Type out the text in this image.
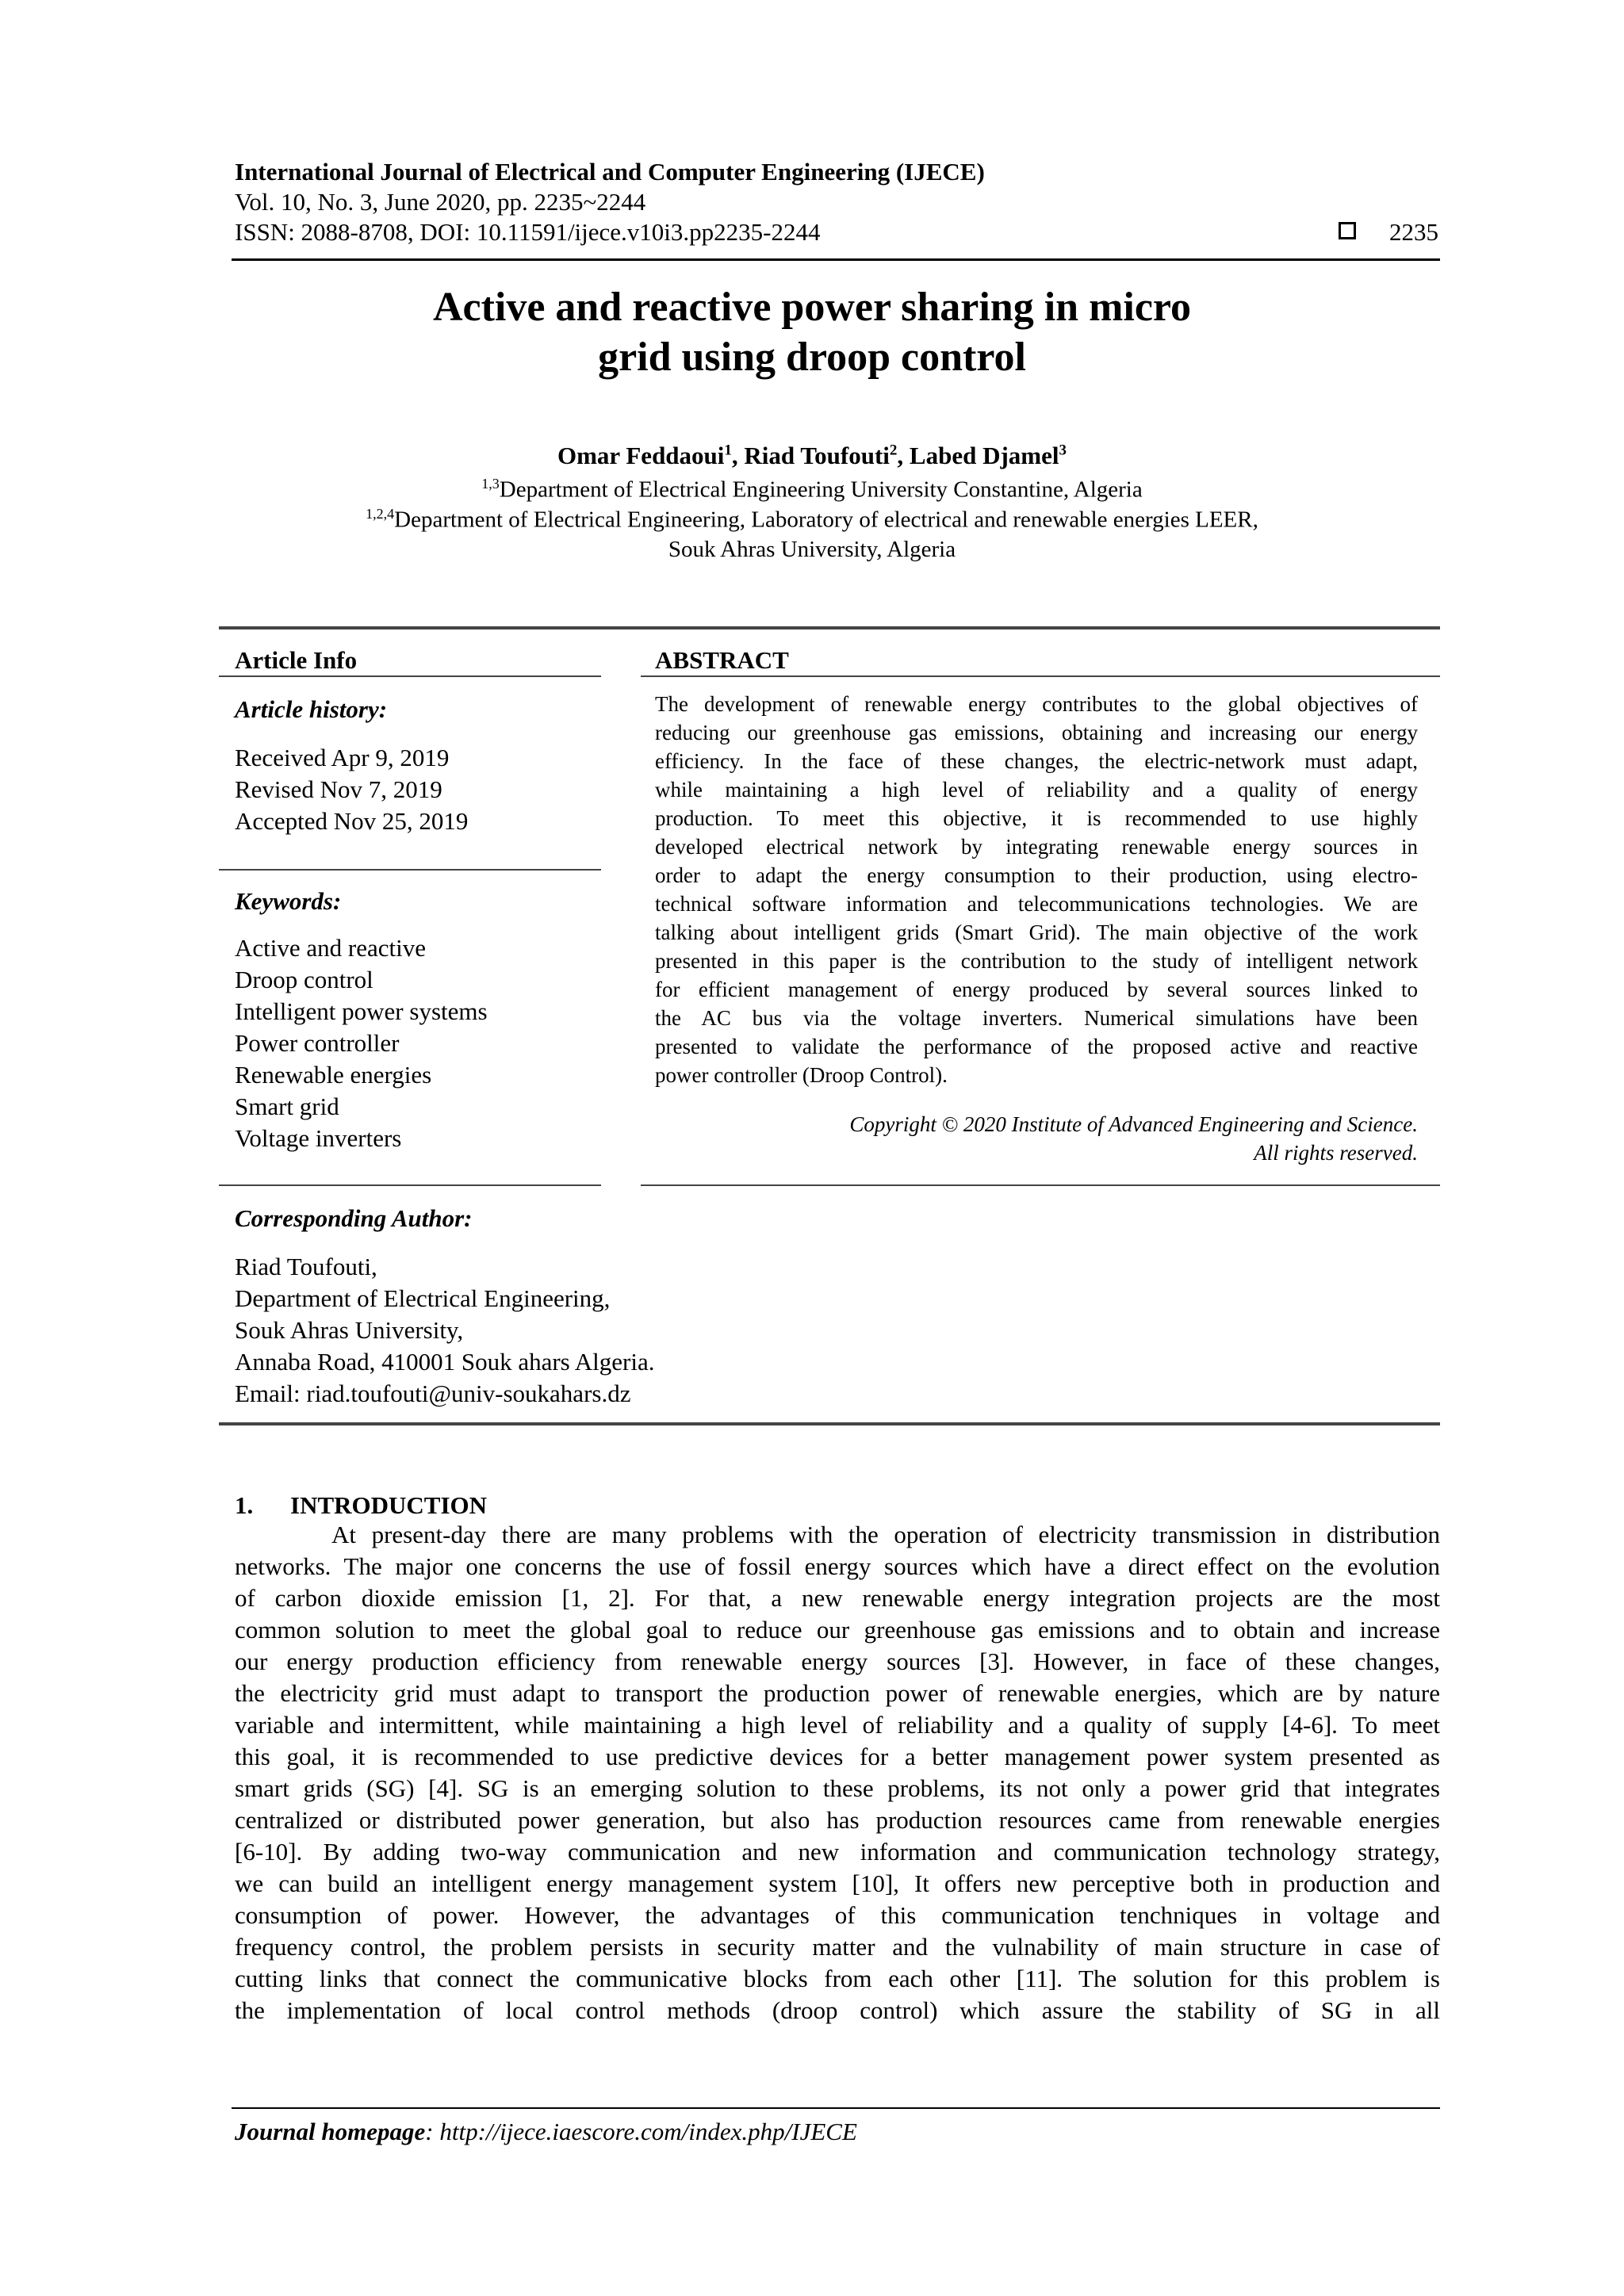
International Journal of Electrical and Computer Engineering (IJECE)
Vol. 10, No. 3, June 2020, pp. 2235~2244
ISSN: 2088-8708, DOI: 10.11591/ijece.v10i3.pp2235-2244	2235
Active and reactive power sharing in micro
grid using droop control
Omar Feddaoui$^1$, Riad Toufouti$^2$, Labed Djamel$^3$
$^{1,3}$Department of Electrical Engineering University Constantine, Algeria
$^{1,2,4}$Department of Electrical Engineering, Laboratory of electrical and renewable energies LEER,
Souk Ahras University, Algeria
Article Info
Article history:
Received Apr 9, 2019
Revised Nov 7, 2019
Accepted Nov 25, 2019
Keywords:
Active and reactive
Droop control
Intelligent power systems
Power controller
Renewable energies
Smart grid
Voltage inverters
ABSTRACT
The development of renewable energy contributes to the global objectives of
reducing our greenhouse gas emissions, obtaining and increasing our energy
efficiency. In the face of these changes, the electric-network must adapt,
while maintaining a high level of reliability and a quality of energy
production. To meet this objective, it is recommended to use highly
developed electrical network by integrating renewable energy sources in
order to adapt the energy consumption to their production, using electro-
technical software information and telecommunications technologies. We are
talking about intelligent grids (Smart Grid). The main objective of the work
presented in this paper is the contribution to the study of intelligent network
for efficient management of energy produced by several sources linked to
the AC bus via the voltage inverters. Numerical simulations have been
presented to validate the performance of the proposed active and reactive
power controller (Droop Control).
Copyright © 2020 Institute of Advanced Engineering and Science.
All rights reserved.
Corresponding Author:
Riad Toufouti,
Department of Electrical Engineering,
Souk Ahras University,
Annaba Road, 410001 Souk ahars Algeria.
Email: riad.toufouti@univ-soukahars.dz
1. INTRODUCTION
At present-day there are many problems with the operation of electricity transmission in distribution
networks. The major one concerns the use of fossil energy sources which have a direct effect on the evolution
of carbon dioxide emission [1, 2]. For that, a new renewable energy integration projects are the most
common solution to meet the global goal to reduce our greenhouse gas emissions and to obtain and increase
our energy production efficiency from renewable energy sources [3]. However, in face of these changes,
the electricity grid must adapt to transport the production power of renewable energies, which are by nature
variable and intermittent, while maintaining a high level of reliability and a quality of supply [4-6]. To meet
this goal, it is recommended to use predictive devices for a better management power system presented as
smart grids (SG) [4]. SG is an emerging solution to these problems, its not only a power grid that integrates
centralized or distributed power generation, but also has production resources came from renewable energies
[6-10]. By adding two-way communication and new information and communication technology strategy,
we can build an intelligent energy management system [10], It offers new perceptive both in production and
consumption of power. However, the advantages of this communication tenchniques in voltage and
frequency control, the problem persists in security matter and the vulnability of main structure in case of
cutting links that connect the communicative blocks from each other [11]. The solution for this problem is
the implementation of local control methods (droop control) which assure the stability of SG in all
Journal homepage: http://ijece.iaescore.com/index.php/IJECE
